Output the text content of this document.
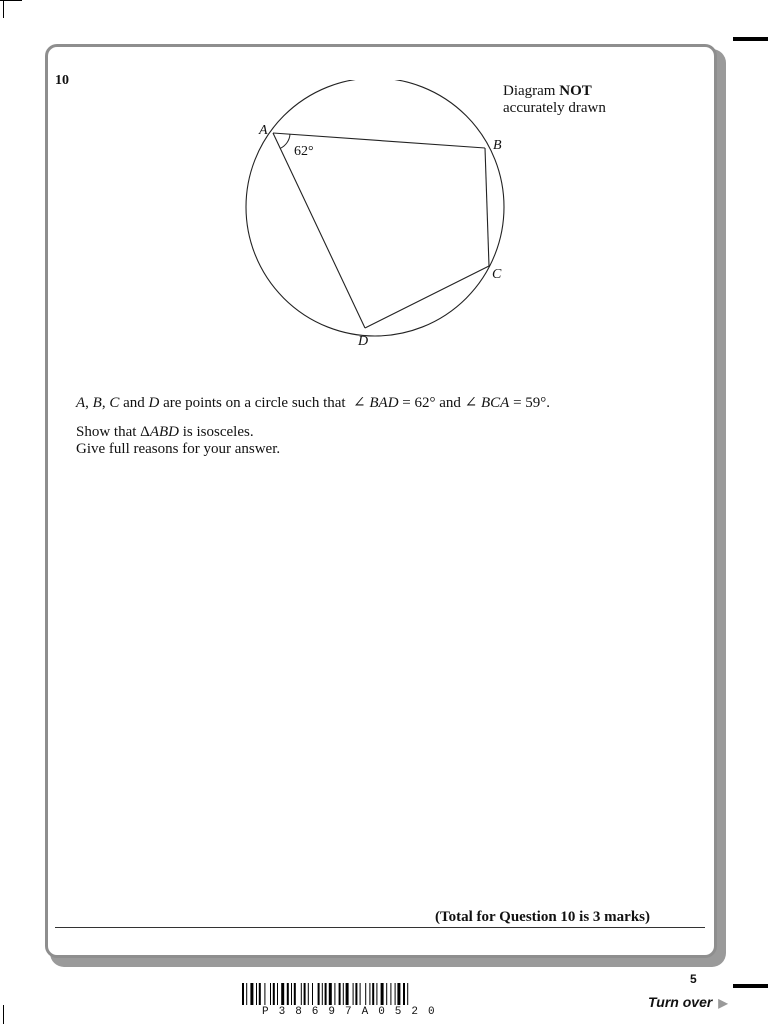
10
Diagram NOT
accurately drawn
A
B
C
D
62°
A, B, C and D are points on a circle such that  ∠ BAD = 62° and ∠ BCA = 59°.
Show that ΔABD is isosceles.
Give full reasons for your answer.
(Total for Question 10 is 3 marks)
P38697A0520
5
Turn over ▶
